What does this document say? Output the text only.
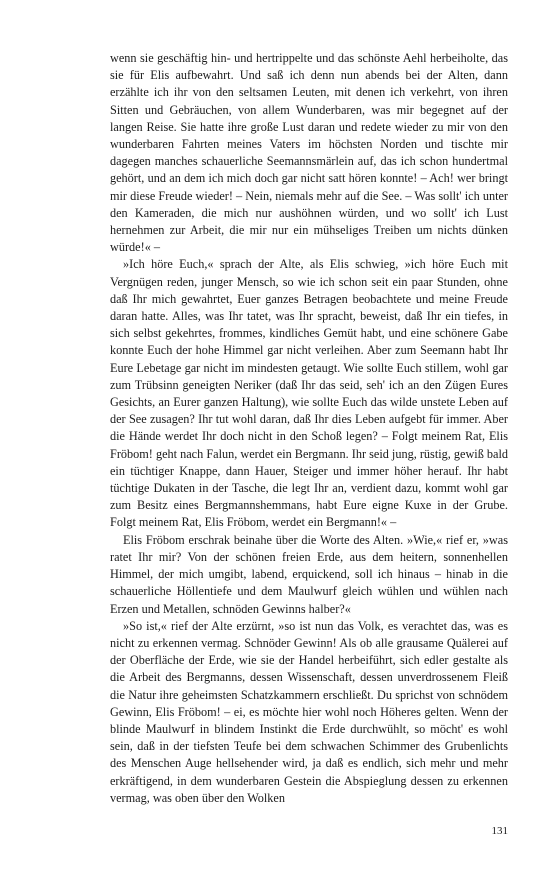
wenn sie geschäftig hin- und hertrippelte und das schönste Aehl herbeiholte, das sie für Elis aufbewahrt. Und saß ich denn nun abends bei der Alten, dann erzählte ich ihr von den seltsamen Leuten, mit denen ich verkehrt, von ihren Sitten und Gebräuchen, von allem Wunderbaren, was mir begegnet auf der langen Reise. Sie hatte ihre große Lust daran und redete wieder zu mir von den wunderbaren Fahrten meines Vaters im höchsten Norden und tischte mir dagegen manches schauerliche Seemannsmärlein auf, das ich schon hundertmal gehört, und an dem ich mich doch gar nicht satt hören konnte! – Ach! wer bringt mir diese Freude wieder! – Nein, niemals mehr auf die See. – Was sollt' ich unter den Kameraden, die mich nur aushöhnen würden, und wo sollt' ich Lust hernehmen zur Arbeit, die mir nur ein mühseliges Treiben um nichts dünken würde!« –

»Ich höre Euch,« sprach der Alte, als Elis schwieg, »ich höre Euch mit Vergnügen reden, junger Mensch, so wie ich schon seit ein paar Stunden, ohne daß Ihr mich gewahrtet, Euer ganzes Betragen beobachtete und meine Freude daran hatte. Alles, was Ihr tatet, was Ihr spracht, beweist, daß Ihr ein tiefes, in sich selbst gekehrtes, frommes, kindliches Gemüt habt, und eine schönere Gabe konnte Euch der hohe Himmel gar nicht verleihen. Aber zum Seemann habt Ihr Eure Lebetage gar nicht im mindesten getaugt. Wie sollte Euch stillem, wohl gar zum Trübsinn geneigten Neriker (daß Ihr das seid, seh' ich an den Zügen Eures Gesichts, an Eurer ganzen Haltung), wie sollte Euch das wilde unstete Leben auf der See zusagen? Ihr tut wohl daran, daß Ihr dies Leben aufgebt für immer. Aber die Hände werdet Ihr doch nicht in den Schoß legen? – Folgt meinem Rat, Elis Fröbom! geht nach Falun, werdet ein Bergmann. Ihr seid jung, rüstig, gewiß bald ein tüchtiger Knappe, dann Hauer, Steiger und immer höher herauf. Ihr habt tüchtige Dukaten in der Tasche, die legt Ihr an, verdient dazu, kommt wohl gar zum Besitz eines Bergmannshemmans, habt Eure eigne Kuxe in der Grube. Folgt meinem Rat, Elis Fröbom, werdet ein Bergmann!« –

Elis Fröbom erschrak beinahe über die Worte des Alten. »Wie,« rief er, »was ratet Ihr mir? Von der schönen freien Erde, aus dem heitern, sonnenhellen Himmel, der mich umgibt, labend, erquickend, soll ich hinaus – hinab in die schauerliche Höllentiefe und dem Maulwurf gleich wühlen und wühlen nach Erzen und Metallen, schnöden Gewinns halber?«

»So ist,« rief der Alte erzürnt, »so ist nun das Volk, es verachtet das, was es nicht zu erkennen vermag. Schnöder Gewinn! Als ob alle grausame Quälerei auf der Oberfläche der Erde, wie sie der Handel herbeiführt, sich edler gestalte als die Arbeit des Bergmanns, dessen Wissenschaft, dessen unverdrossenem Fleiß die Natur ihre geheimsten Schatzkammern erschließt. Du sprichst von schnödem Gewinn, Elis Fröbom! – ei, es möchte hier wohl noch Höheres gelten. Wenn der blinde Maulwurf in blindem Instinkt die Erde durchwühlt, so möcht' es wohl sein, daß in der tiefsten Teufe bei dem schwachen Schimmer des Grubenlichts des Menschen Auge hellsehender wird, ja daß es endlich, sich mehr und mehr erkräftigend, in dem wunderbaren Gestein die Abspieglung dessen zu erkennen vermag, was oben über den Wolken

131
